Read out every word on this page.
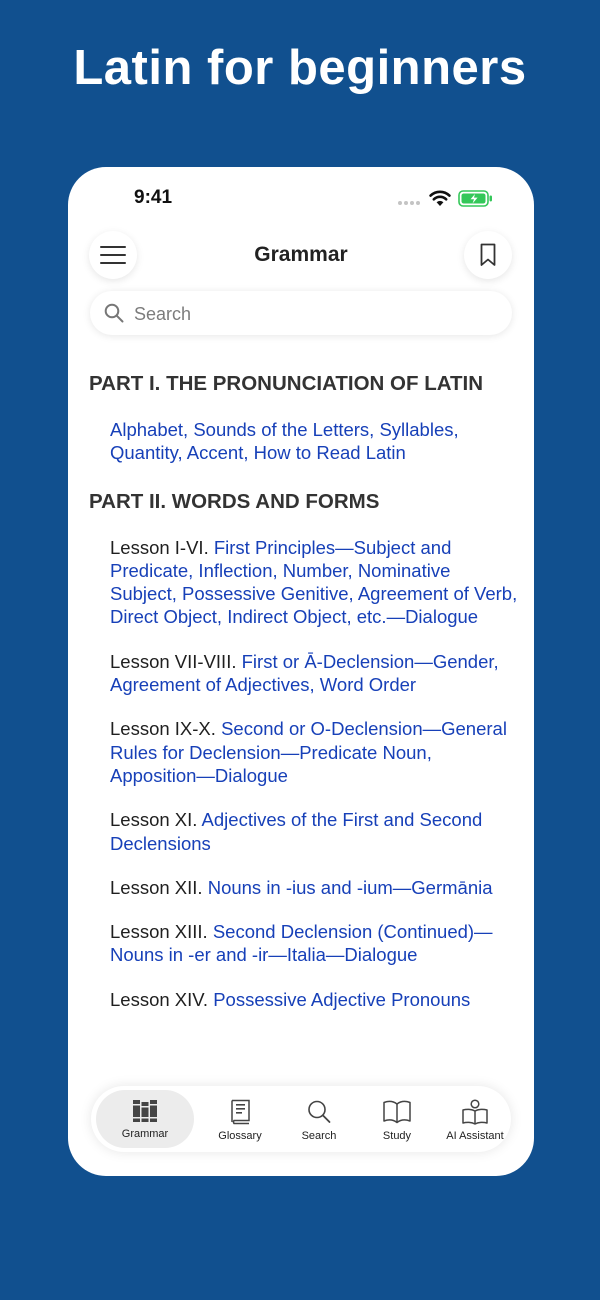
Latin for beginners
9:41
Grammar
Search
PART I. THE PRONUNCIATION OF LATIN
Alphabet, Sounds of the Letters, Syllables, Quantity, Accent, How to Read Latin
PART II. WORDS AND FORMS
Lesson I-VI. First Principles—Subject and Predicate, Inflection, Number, Nominative Subject, Possessive Genitive, Agreement of Verb, Direct Object, Indirect Object, etc.—Dialogue
Lesson VII-VIII. First or Ā-Declension—Gender, Agreement of Adjectives, Word Order
Lesson IX-X. Second or O-Declension—General Rules for Declension—Predicate Noun, Apposition—Dialogue
Lesson XI. Adjectives of the First and Second Declensions
Lesson XII. Nouns in -ius and -ium—Germānia
Lesson XIII. Second Declension (Continued)—Nouns in -er and -ir—Italia—Dialogue
Lesson XIV. Possessive Adjective Pronouns
Grammar	Glossary	Search	Study	AI Assistant
